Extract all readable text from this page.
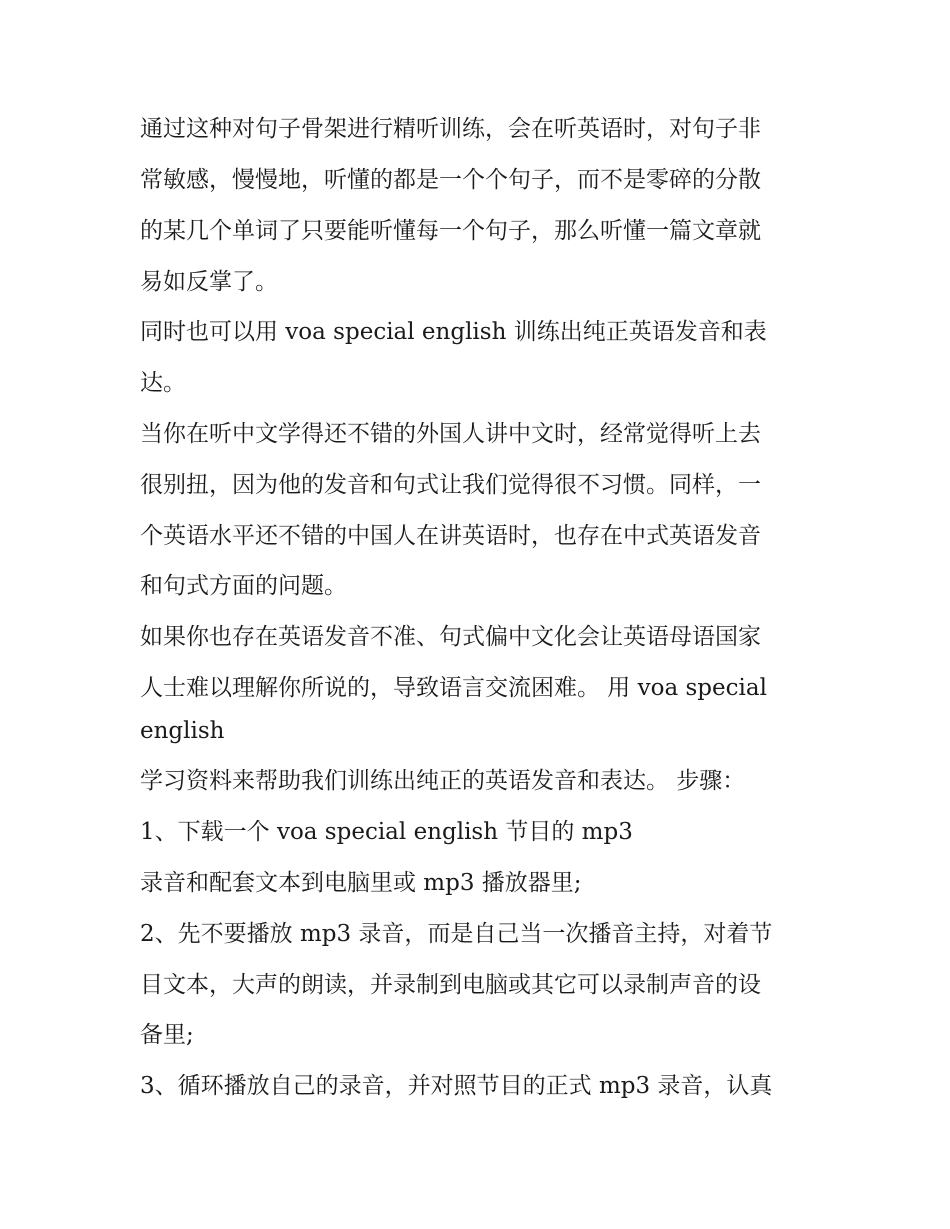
通过这种对句子骨架进行精听训练，会在听英语时，对句子非
常敏感，慢慢地，听懂的都是一个个句子，而不是零碎的分散
的某几个单词了只要能听懂每一个句子，那么听懂一篇文章就
易如反掌了。
同时也可以用 voa special english 训练出纯正英语发音和表
达。
当你在听中文学得还不错的外国人讲中文时，经常觉得听上去
很别扭，因为他的发音和句式让我们觉得很不习惯。同样，一
个英语水平还不错的中国人在讲英语时，也存在中式英语发音
和句式方面的问题。
如果你也存在英语发音不准、句式偏中文化会让英语母语国家
人士难以理解你所说的，导致语言交流困难。 用 voa special
english
学习资料来帮助我们训练出纯正的英语发音和表达。 步骤：
1、下载一个 voa special english 节目的 mp3
录音和配套文本到电脑里或 mp3 播放器里;
2、先不要播放 mp3 录音，而是自己当一次播音主持，对着节
目文本，大声的朗读，并录制到电脑或其它可以录制声音的设
备里;
3、循环播放自己的录音，并对照节目的正式 mp3 录音，认真
